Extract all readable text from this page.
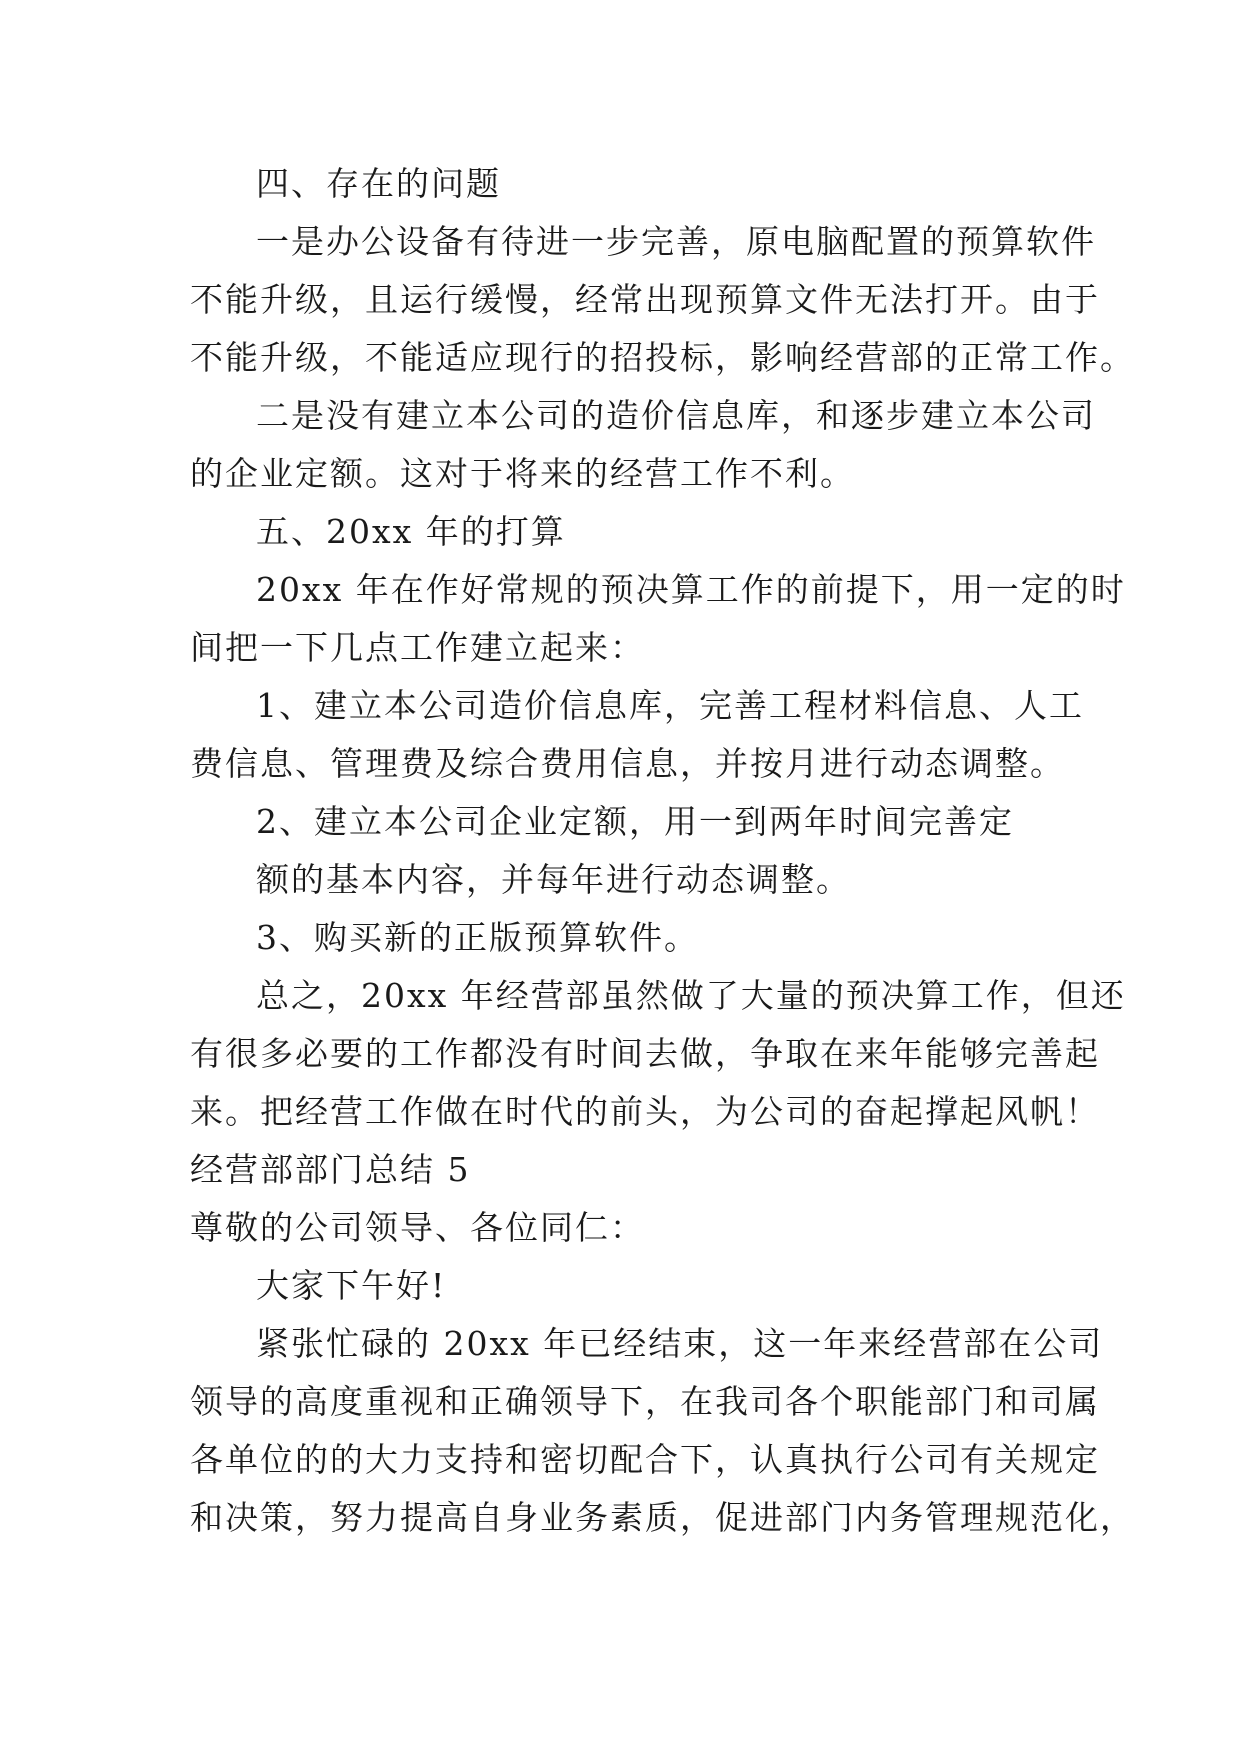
四、存在的问题
一是办公设备有待进一步完善，原电脑配置的预算软件
不能升级，且运行缓慢，经常出现预算文件无法打开。由于
不能升级，不能适应现行的招投标，影响经营部的正常工作。
二是没有建立本公司的造价信息库，和逐步建立本公司
的企业定额。这对于将来的经营工作不利。
五、20xx 年的打算
20xx 年在作好常规的预决算工作的前提下，用一定的时
间把一下几点工作建立起来：
1、建立本公司造价信息库，完善工程材料信息、人工
费信息、管理费及综合费用信息，并按月进行动态调整。
2、建立本公司企业定额，用一到两年时间完善定
额的基本内容，并每年进行动态调整。
3、购买新的正版预算软件。
总之，20xx 年经营部虽然做了大量的预决算工作，但还
有很多必要的工作都没有时间去做，争取在来年能够完善起
来。把经营工作做在时代的前头，为公司的奋起撑起风帆！
经营部部门总结 5
尊敬的公司领导、各位同仁：
大家下午好!
紧张忙碌的 20xx 年已经结束，这一年来经营部在公司
领导的高度重视和正确领导下，在我司各个职能部门和司属
各单位的的大力支持和密切配合下，认真执行公司有关规定
和决策，努力提高自身业务素质，促进部门内务管理规范化，
